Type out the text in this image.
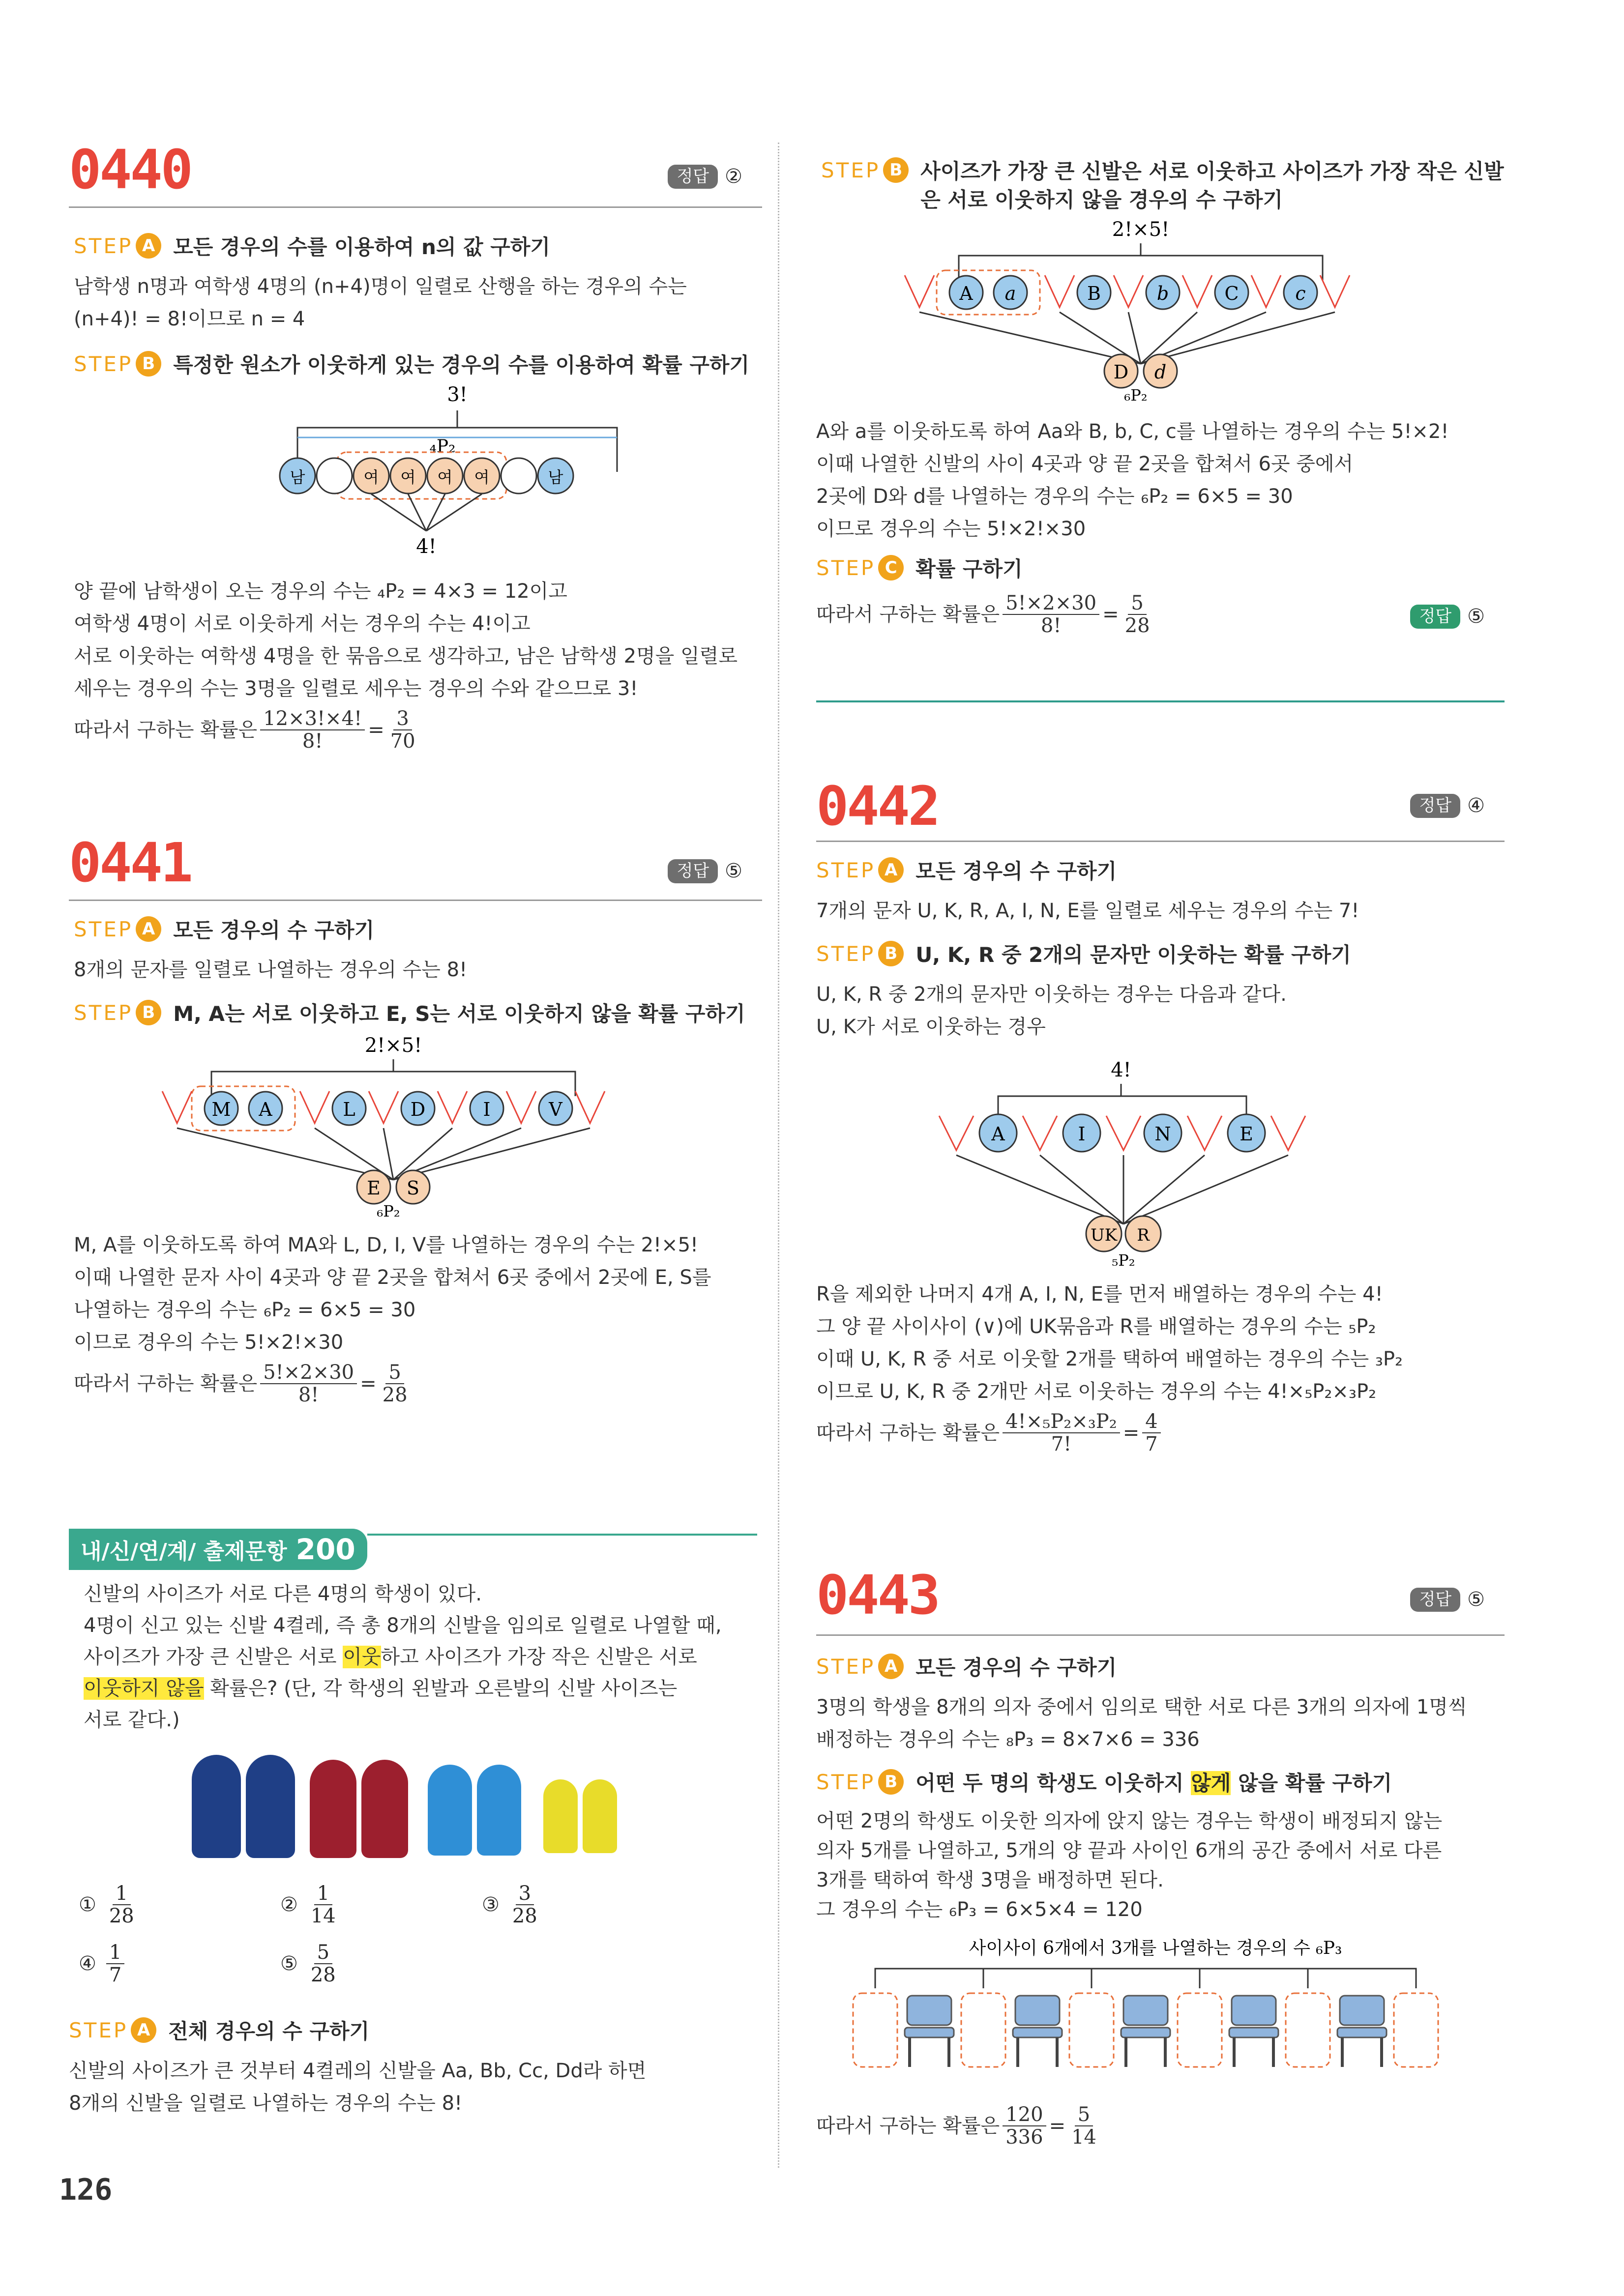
0440	정답 ②
STEP A 모든 경우의 수를 이용하여 n의 값 구하기
남학생 n명과 여학생 4명의 (n+4)명이 일렬로 산행을 하는 경우의 수는
(n+4)! = 8!이므로 n = 4
STEP B 특정한 원소가 이웃하게 있는 경우의 수를 이용하여 확률 구하기
3!
₄P₂
남	여 여 여 여	남
4!
양 끝에 남학생이 오는 경우의 수는 ₄P₂ = 4×3 = 12이고
여학생 4명이 서로 이웃하게 서는 경우의 수는 4!이고
서로 이웃하는 여학생 4명을 한 묶음으로 생각하고, 남은 남학생 2명을 일렬로
세우는 경우의 수는 3명을 일렬로 세우는 경우의 수와 같으므로 3!
따라서 구하는 확률은 $\frac{12\times 3!\times 4!}{8!} = \frac{3}{70}$
0441	정답 ⑤
STEP A 모든 경우의 수 구하기
8개의 문자를 일렬로 나열하는 경우의 수는 8!
STEP B M, A는 서로 이웃하고 E, S는 서로 이웃하지 않을 확률 구하기
2!×5!
M A	L	D	I	V
E S
₆P₂
M, A를 이웃하도록 하여 MA와 L, D, I, V를 나열하는 경우의 수는 2!×5!
이때 나열한 문자 사이 4곳과 양 끝 2곳을 합쳐서 6곳 중에서 2곳에 E, S를
나열하는 경우의 수는 ₆P₂ = 6×5 = 30
이므로 경우의 수는 5!×2!×30
따라서 구하는 확률은 $\frac{5!\times 2\times 30}{8!} = \frac{5}{28}$
내/신/연/계/ 출제문항 200
신발의 사이즈가 서로 다른 4명의 학생이 있다.
4명이 신고 있는 신발 4켤레, 즉 총 8개의 신발을 임의로 일렬로 나열할 때,
사이즈가 가장 큰 신발은 서로 이웃하고 사이즈가 가장 작은 신발은 서로
이웃하지 않을 확률은? (단, 각 학생의 왼발과 오른발의 신발 사이즈는
서로 같다.)
① $\frac{1}{28}$	② $\frac{1}{14}$	③ $\frac{3}{28}$
④ $\frac{1}{7}$	⑤ $\frac{5}{28}$
STEP A 전체 경우의 수 구하기
신발의 사이즈가 큰 것부터 4켤레의 신발을 Aa, Bb, Cc, Dd라 하면
8개의 신발을 일렬로 나열하는 경우의 수는 8!
STEP B 사이즈가 가장 큰 신발은 서로 이웃하고 사이즈가 가장 작은 신발
은 서로 이웃하지 않을 경우의 수 구하기
2!×5!
A a	B	b	C	c
D d
₆P₂
A와 a를 이웃하도록 하여 Aa와 B, b, C, c를 나열하는 경우의 수는 5!×2!
이때 나열한 신발의 사이 4곳과 양 끝 2곳을 합쳐서 6곳 중에서
2곳에 D와 d를 나열하는 경우의 수는 ₆P₂ = 6×5 = 30
이므로 경우의 수는 5!×2!×30
STEP C 확률 구하기
따라서 구하는 확률은 $\frac{5!\times 2\times 30}{8!} = \frac{5}{28}$	정답 ⑤
0442	정답 ④
STEP A 모든 경우의 수 구하기
7개의 문자 U, K, R, A, I, N, E를 일렬로 세우는 경우의 수는 7!
STEP B U, K, R 중 2개의 문자만 이웃하는 확률 구하기
U, K, R 중 2개의 문자만 이웃하는 경우는 다음과 같다.
U, K가 서로 이웃하는 경우
4!
A	I	N	E
UK R
₅P₂
R을 제외한 나머지 4개 A, I, N, E를 먼저 배열하는 경우의 수는 4!
그 양 끝 사이사이 (∨)에 UK묶음과 R를 배열하는 경우의 수는 ₅P₂
이때 U, K, R 중 서로 이웃할 2개를 택하여 배열하는 경우의 수는 ₃P₂
이므로 U, K, R 중 2개만 서로 이웃하는 경우의 수는 4!×₅P₂×₃P₂
따라서 구하는 확률은 $\frac{\text{4!×₅P₂×₃P₂}}{7!} = \frac{4}{7}$
0443	정답 ⑤
STEP A 모든 경우의 수 구하기
3명의 학생을 8개의 의자 중에서 임의로 택한 서로 다른 3개의 의자에 1명씩
배정하는 경우의 수는 ₈P₃ = 8×7×6 = 336
STEP B 어떤 두 명의 학생도 이웃하지 않게 않을 확률 구하기
어떤 2명의 학생도 이웃한 의자에 앉지 않는 경우는 학생이 배정되지 않는
의자 5개를 나열하고, 5개의 양 끝과 사이인 6개의 공간 중에서 서로 다른
3개를 택하여 학생 3명을 배정하면 된다.
그 경우의 수는 ₆P₃ = 6×5×4 = 120
사이사이 6개에서 3개를 나열하는 경우의 수 ₆P₃
따라서 구하는 확률은 $\frac{120}{336} = \frac{5}{14}$
126
